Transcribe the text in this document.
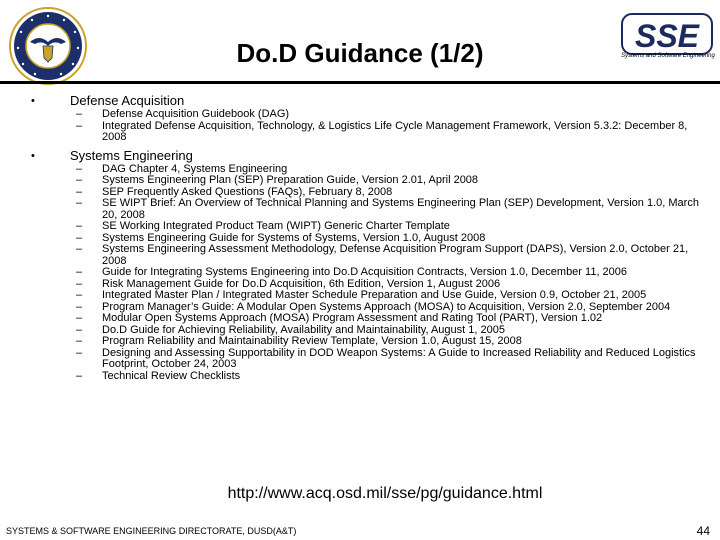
Do.D Guidance (1/2)	SSE
Systems and Software Engineering
•	Defense Acquisition
– Defense Acquisition Guidebook (DAG)
– Integrated Defense Acquisition, Technology, & Logistics Life Cycle Management Framework, Version 5.3.2: December 8, 2008
•	Systems Engineering
– DAG Chapter 4, Systems Engineering
– Systems Engineering Plan (SEP) Preparation Guide, Version 2.01, April 2008
– SEP Frequently Asked Questions (FAQs), February 8, 2008
– SE WIPT Brief: An Overview of Technical Planning and Systems Engineering Plan (SEP) Development, Version 1.0, March 20, 2008
– SE Working Integrated Product Team (WIPT) Generic Charter Template
– Systems Engineering Guide for Systems of Systems, Version 1.0, August 2008
– Systems Engineering Assessment Methodology, Defense Acquisition Program Support (DAPS), Version 2.0, October 21, 2008
– Guide for Integrating Systems Engineering into Do.D Acquisition Contracts, Version 1.0, December 11, 2006
– Risk Management Guide for Do.D Acquisition, 6th Edition, Version 1, August 2006
– Integrated Master Plan / Integrated Master Schedule Preparation and Use Guide, Version 0.9, October 21, 2005
– Program Manager’s Guide: A Modular Open Systems Approach (MOSA) to Acquisition, Version 2.0, September 2004
– Modular Open Systems Approach (MOSA) Program Assessment and Rating Tool (PART), Version 1.02
– Do.D Guide for Achieving Reliability, Availability and Maintainability, August 1, 2005
– Program Reliability and Maintainability Review Template, Version 1.0, August 15, 2008
– Designing and Assessing Supportability in DOD Weapon Systems: A Guide to Increased Reliability and Reduced Logistics Footprint, October 24, 2003
– Technical Review Checklists
http://www.acq.osd.mil/sse/pg/guidance.html
SYSTEMS & SOFTWARE ENGINEERING DIRECTORATE, DUSD(A&T)	44
